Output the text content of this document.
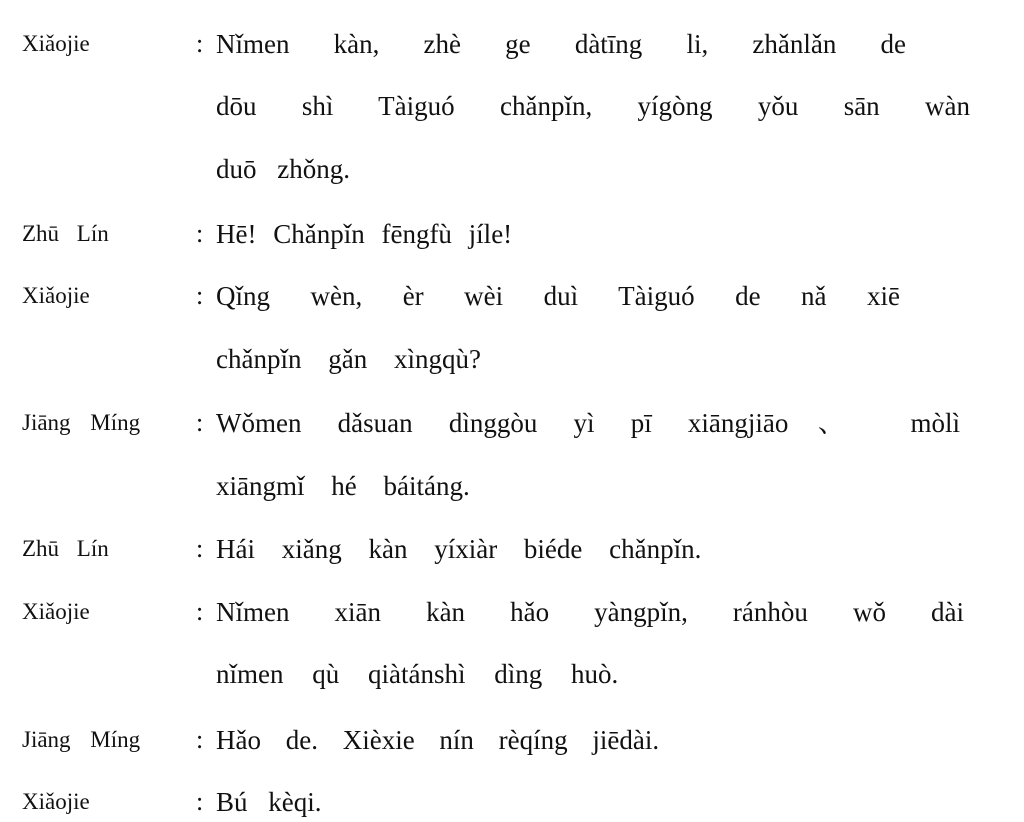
Xiǎojie	: Nǐmen kàn, zhè ge dàtīng li, zhǎnlǎn de
dōu shì Tàiguó chǎnpǐn, yígòng yǒu sān wàn
duō zhǒng.
Zhū Lín	: Hē! Chǎnpǐn fēngfù jíle!
Xiǎojie	: Qǐng wèn, èr wèi duì Tàiguó de nǎ xiē
chǎnpǐn gǎn xìngqù?
Jiāng Míng : Wǒmen dǎsuan dìnggòu yì pī xiāngjiāo、 mòlì
xiāngmǐ hé báitáng.
Zhū Lín	: Hái xiǎng kàn yíxiàr biéde chǎnpǐn.
Xiǎojie	: Nǐmen xiān kàn hǎo yàngpǐn, ránhòu wǒ dài
nǐmen qù qiàtánshì dìng huò.
Jiāng Míng : Hǎo de. Xièxie nín rèqíng jiēdài.
Xiǎojie	: Bú kèqi.
